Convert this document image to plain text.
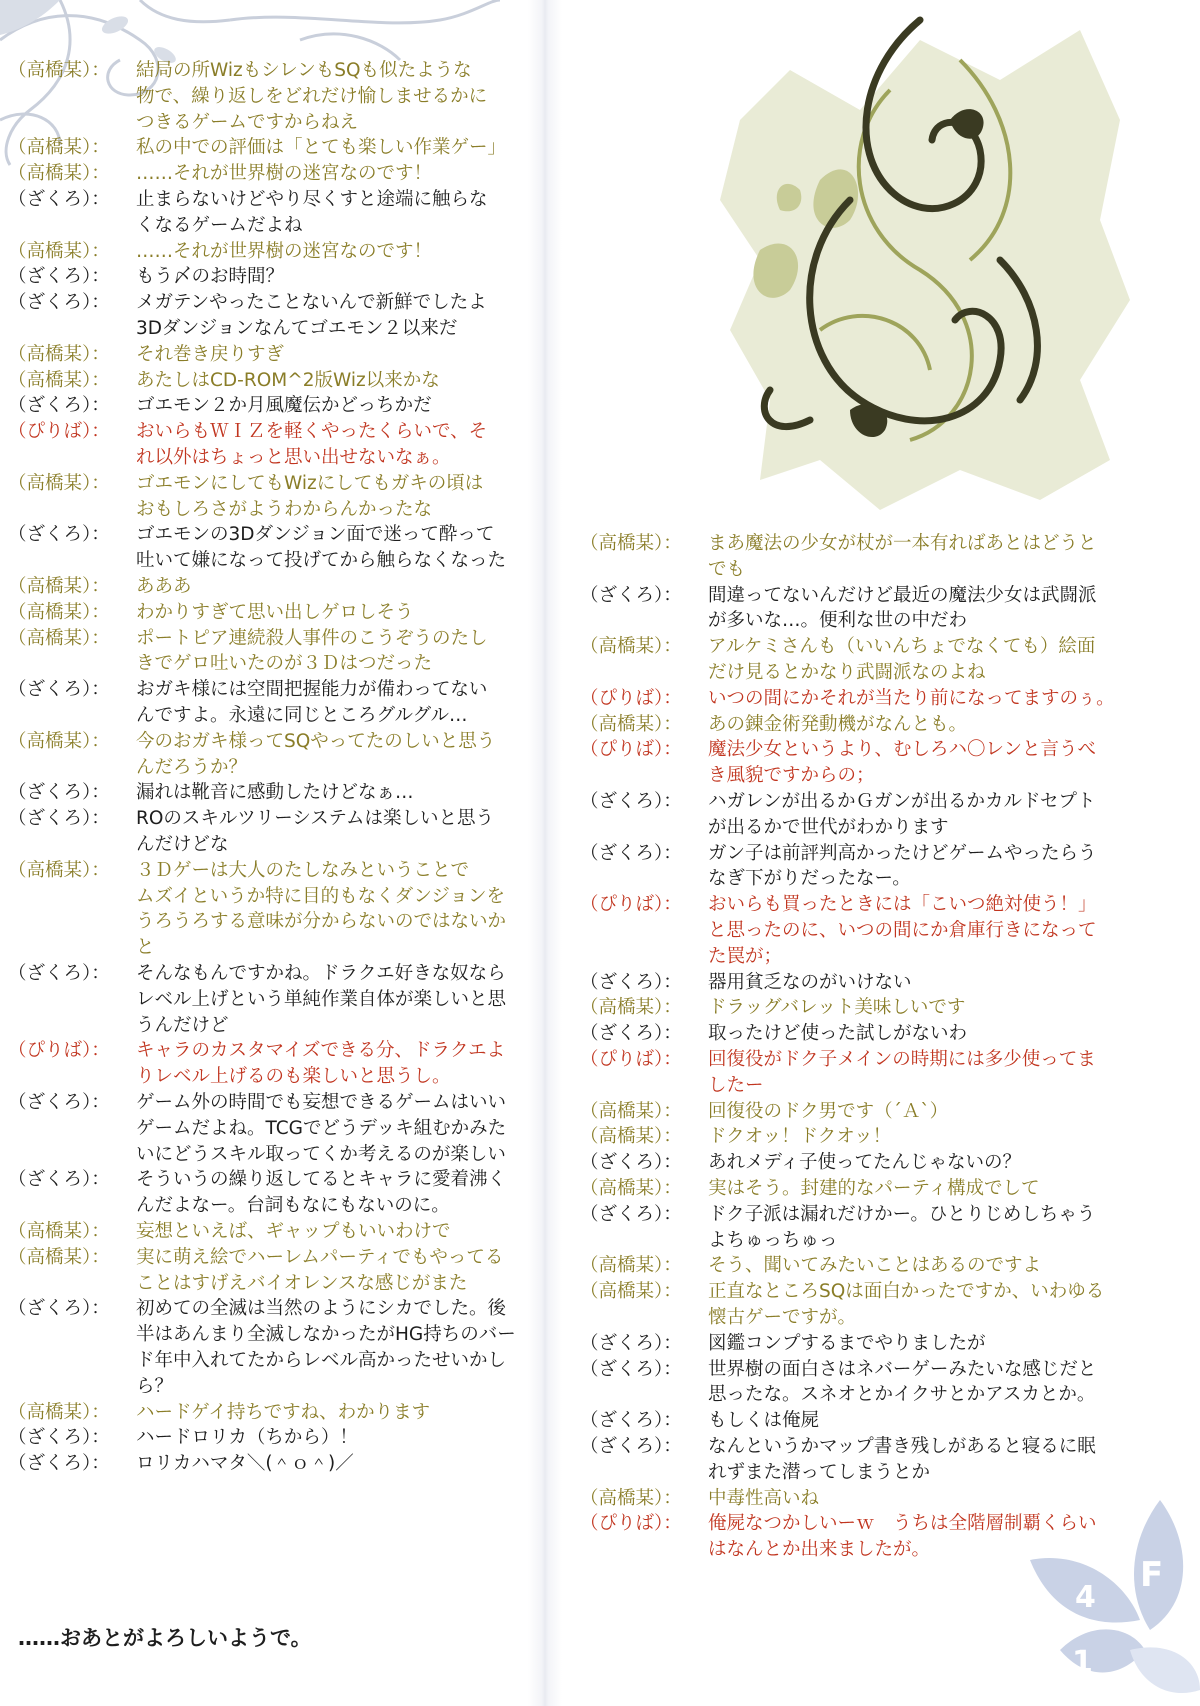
（高橋某）：	結局の所WizもシレンもSQも似たような
物で、繰り返しをどれだけ愉しませるかに
つきるゲームですからねえ
（高橋某）：	私の中での評価は「とても楽しい作業ゲー」
（高橋某）：	……それが世界樹の迷宮なのです！
（ざくろ）：	止まらないけどやり尽くすと途端に触らな
くなるゲームだよね
（高橋某）：	……それが世界樹の迷宮なのです！
（ざくろ）：	もう〆のお時間？
（ざくろ）：	メガテンやったことないんで新鮮でしたよ
3Dダンジョンなんてゴエモン２以来だ
（高橋某）：	それ巻き戻りすぎ
（高橋某）：	あたしはCD-ROM^2版Wiz以来かな
（ざくろ）：	ゴエモン２か月風魔伝かどっちかだ
（ぴりば）：	おいらもＷＩＺを軽くやったくらいで、そ
れ以外はちょっと思い出せないなぁ。
（高橋某）：	ゴエモンにしてもWizにしてもガキの頃は
おもしろさがようわからんかったな
（ざくろ）：	ゴエモンの3Dダンジョン面で迷って酔って
吐いて嫌になって投げてから触らなくなった
（高橋某）：	あああ
（高橋某）：	わかりすぎて思い出しゲロしそう
（高橋某）：	ポートピア連続殺人事件のこうぞうのたし
きでゲロ吐いたのが３Ｄはつだった
（ざくろ）：	おガキ様には空間把握能力が備わってない
んですよ。永遠に同じところグルグル…
（高橋某）：	今のおガキ様ってSQやってたのしいと思う
んだろうか？
（ざくろ）：	漏れは靴音に感動したけどなぁ…
（ざくろ）：	ROのスキルツリーシステムは楽しいと思う
んだけどな
（高橋某）：	３Ｄゲーは大人のたしなみということで
ムズイというか特に目的もなくダンジョンを
うろうろする意味が分からないのではないか
と
（ざくろ）：	そんなもんですかね。ドラクエ好きな奴なら
レベル上げという単純作業自体が楽しいと思
うんだけど
（ぴりば）：	キャラのカスタマイズできる分、ドラクエよ
りレベル上げるのも楽しいと思うし。
（ざくろ）：	ゲーム外の時間でも妄想できるゲームはいい
ゲームだよね。TCGでどうデッキ組むかみた
いにどうスキル取ってくか考えるのが楽しい
（ざくろ）：	そういうの繰り返してるとキャラに愛着沸く
んだよなー。台詞もなにもないのに。
（高橋某）：	妄想といえば、ギャップもいいわけで
（高橋某）：	実に萌え絵でハーレムパーティでもやってる
ことはすげえバイオレンスな感じがまた
（ざくろ）：	初めての全滅は当然のようにシカでした。後
半はあんまり全滅しなかったがHG持ちのバー
ド年中入れてたからレベル高かったせいかし
ら？
（高橋某）：	ハードゲイ持ちですね、わかります
（ざくろ）：	ハードロリカ（ちから）！
（ざくろ）：	ロリカハマタ＼(＾ｏ＾)／
（高橋某）：	まあ魔法の少女が杖が一本有ればあとはどうと
でも
（ざくろ）：	間違ってないんだけど最近の魔法少女は武闘派
が多いな…。便利な世の中だわ
（高橋某）：	アルケミさんも（いいんちょでなくても）絵面
だけ見るとかなり武闘派なのよね
（ぴりば）：	いつの間にかそれが当たり前になってますのぅ。
（高橋某）：	あの錬金術発動機がなんとも。
（ぴりば）：	魔法少女というより、むしろハ〇レンと言うべ
き風貌ですからの；
（ざくろ）：	ハガレンが出るかＧガンが出るかカルドセプト
が出るかで世代がわかります
（ざくろ）：	ガン子は前評判高かったけどゲームやったらう
なぎ下がりだったなー。
（ぴりば）：	おいらも買ったときには「こいつ絶対使う！」
と思ったのに、いつの間にか倉庫行きになって
た罠が；
（ざくろ）：	器用貧乏なのがいけない
（高橋某）：	ドラッグバレット美味しいです
（ざくろ）：	取ったけど使った試しがないわ
（ぴりば）：	回復役がドク子メインの時期には多少使ってま
したー
（高橋某）：	回復役のドク男です（´Ａ`）
（高橋某）：	ドクオッ！ドクオッ！
（ざくろ）：	あれメディ子使ってたんじゃないの？
（高橋某）：	実はそう。封建的なパーティ構成でして
（ざくろ）：	ドク子派は漏れだけかー。ひとりじめしちゃう
よちゅっちゅっ
（高橋某）：	そう、聞いてみたいことはあるのですよ
（高橋某）：	正直なところSQは面白かったですか、いわゆる
懐古ゲーですが。
（ざくろ）：	図鑑コンプするまでやりましたが
（ざくろ）：	世界樹の面白さはネバーゲーみたいな感じだと
思ったな。スネオとかイクサとかアスカとか。
（ざくろ）：	もしくは俺屍
（ざくろ）：	なんというかマップ書き残しがあると寝るに眠
れずまた潜ってしまうとか
（高橋某）：	中毒性高いね
（ぴりば）：	俺屍なつかしいーｗ　うちは全階層制覇くらい
はなんとか出来ましたが。
……おあとがよろしいようで。
4
F
1
